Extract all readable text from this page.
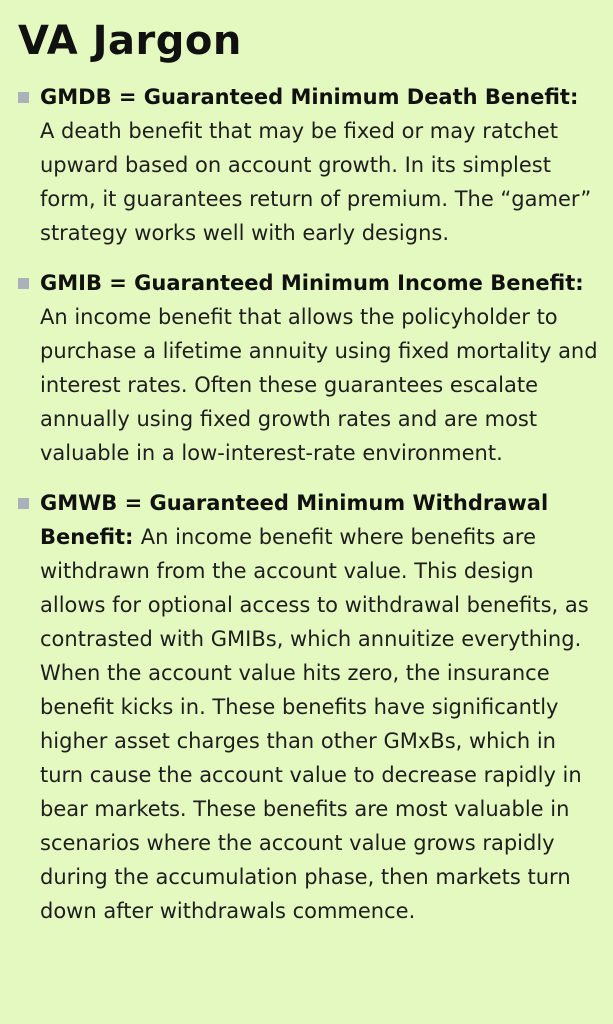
VA Jargon
GMDB = Guaranteed Minimum Death Benefit: A death benefit that may be fixed or may ratchet upward based on account growth. In its simplest form, it guarantees return of premium. The “gamer” strategy works well with early designs.
GMIB = Guaranteed Minimum Income Benefit: An income benefit that allows the policyholder to purchase a lifetime annuity using fixed mortality and interest rates. Often these guarantees escalate annually using fixed growth rates and are most valuable in a low-interest-rate environment.
GMWB = Guaranteed Minimum Withdrawal Benefit: An income benefit where benefits are withdrawn from the account value. This design allows for optional access to withdrawal benefits, as contrasted with GMIBs, which annuitize everything. When the account value hits zero, the insurance benefit kicks in. These benefits have significantly higher asset charges than other GMxBs, which in turn cause the account value to decrease rapidly in bear markets. These benefits are most valuable in scenarios where the account value grows rapidly during the accumulation phase, then markets turn down after withdrawals commence.
